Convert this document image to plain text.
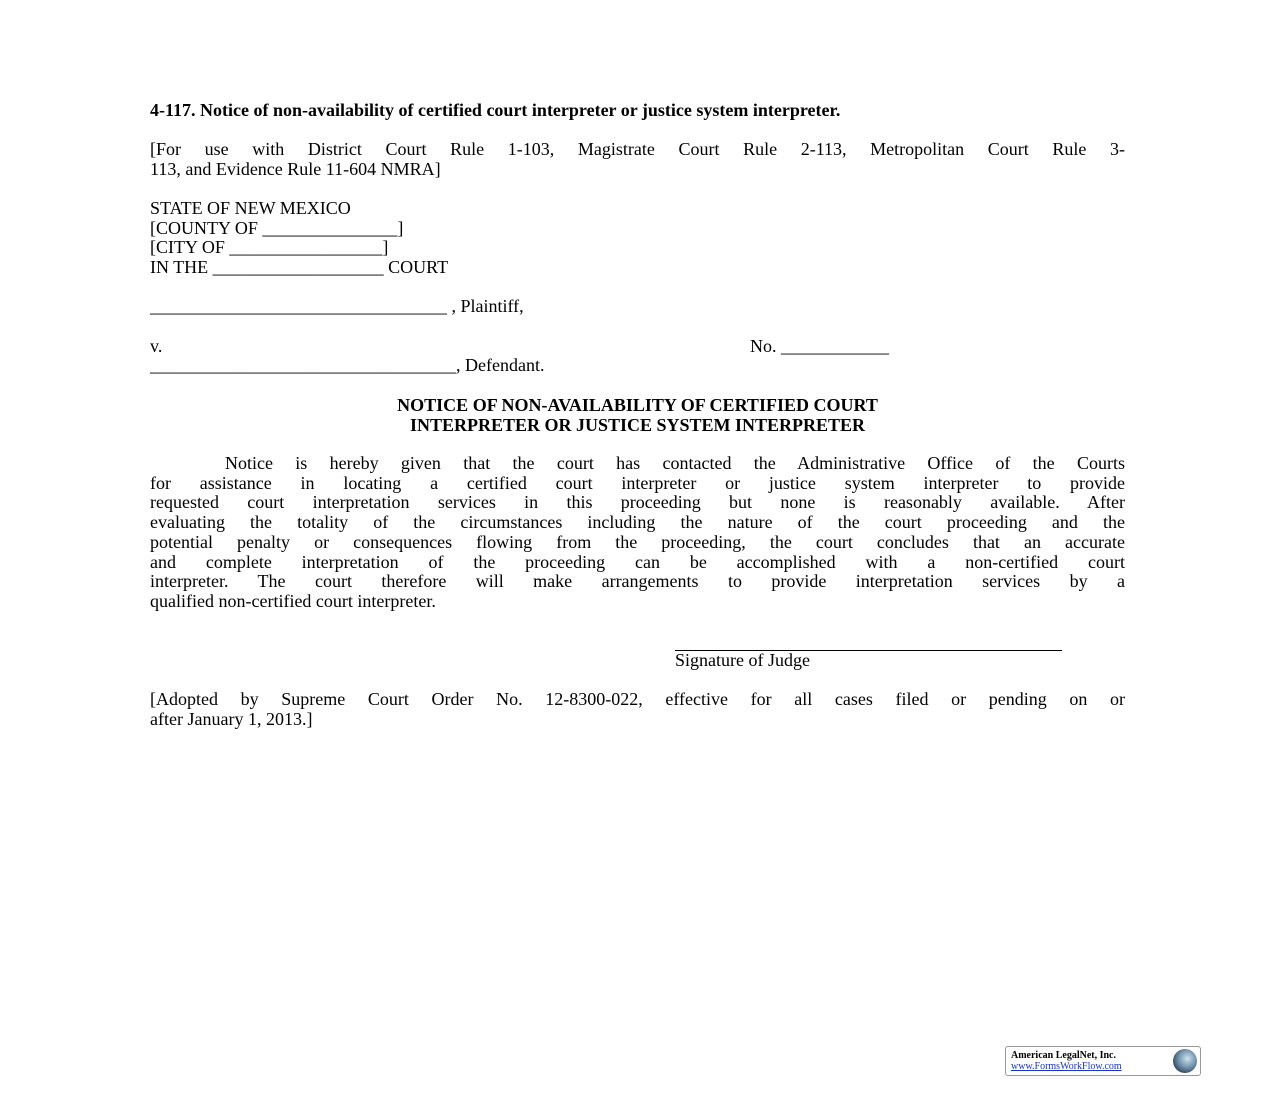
4-117. Notice of non-availability of certified court interpreter or justice system interpreter.
[For use with District Court Rule 1-103, Magistrate Court Rule 2-113, Metropolitan Court Rule 3-
113, and Evidence Rule 11-604 NMRA]
STATE OF NEW MEXICO
[COUNTY OF _______________]
[CITY OF _________________]
IN THE ___________________ COURT
_________________________________ , Plaintiff,
v.	No. ____________
__________________________________, Defendant.
NOTICE OF NON-AVAILABILITY OF CERTIFIED COURT
INTERPRETER OR JUSTICE SYSTEM INTERPRETER
Notice is hereby given that the court has contacted the Administrative Office of the Courts
for assistance in locating a certified court interpreter or justice system interpreter to provide
requested court interpretation services in this proceeding but none is reasonably available. After
evaluating the totality of the circumstances including the nature of the court proceeding and the
potential penalty or consequences flowing from the proceeding, the court concludes that an accurate
and complete interpretation of the proceeding can be accomplished with a non-certified court
interpreter. The court therefore will make arrangements to provide interpretation services by a
qualified non-certified court interpreter.
Signature of Judge
[Adopted by Supreme Court Order No. 12-8300-022, effective for all cases filed or pending on or
after January 1, 2013.]
American LegalNet, Inc.
www.FormsWorkFlow.com
